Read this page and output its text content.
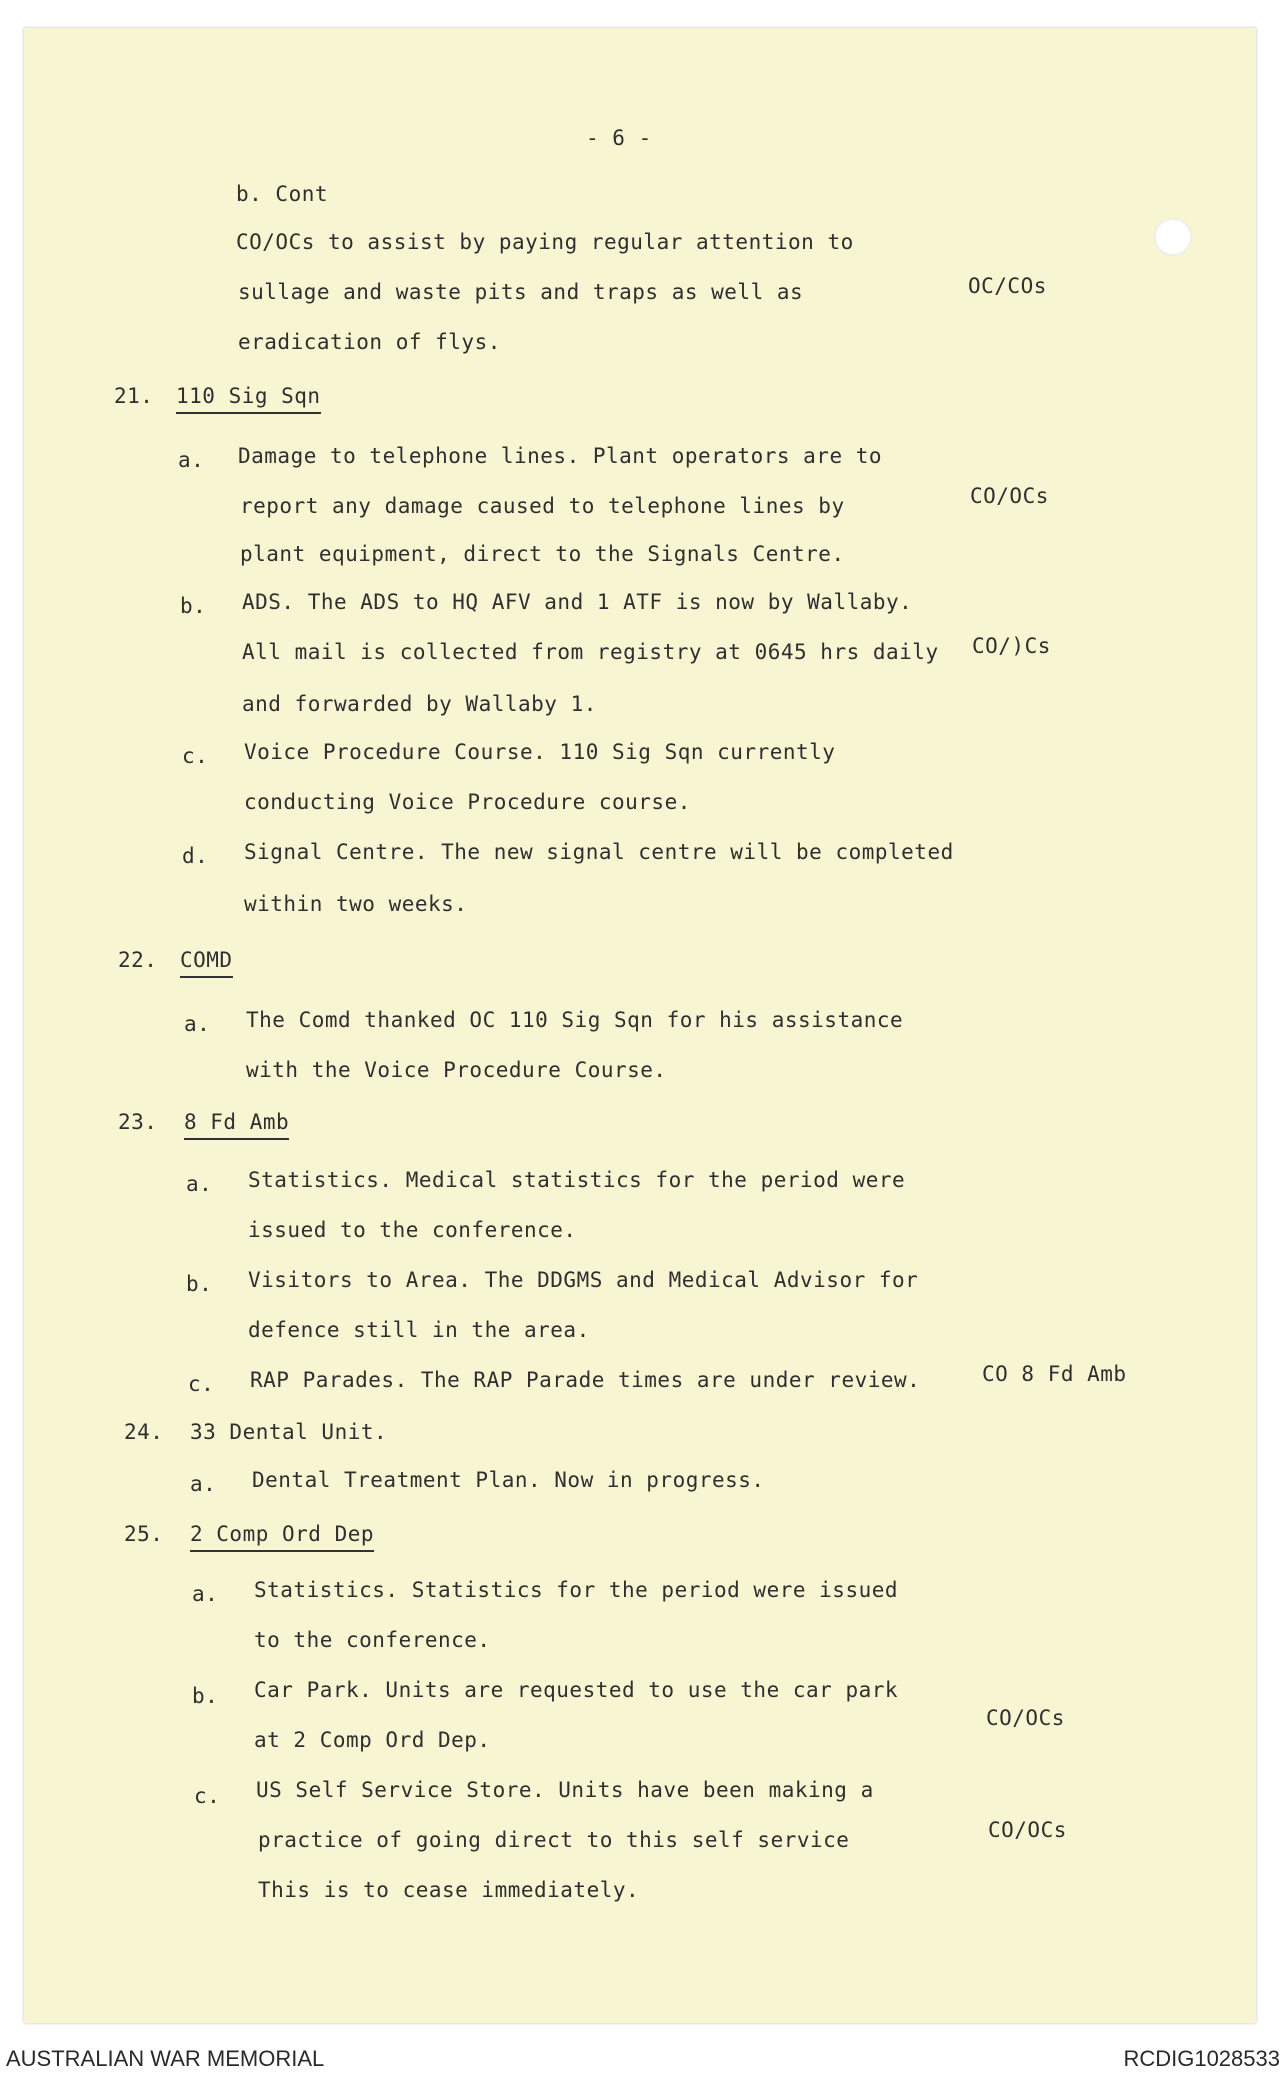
- 6 -
b. Cont
CO/OCs to assist by paying regular attention to
sullage and waste pits and traps as well as
eradication of flys.
OC/COs
21. 110 Sig Sqn
a. Damage to telephone lines. Plant operators are to
report any damage caused to telephone lines by
plant equipment, direct to the Signals Centre.
CO/OCs
b. ADS. The ADS to HQ AFV and 1 ATF is now by Wallaby.
All mail is collected from registry at 0645 hrs daily
and forwarded by Wallaby 1.
CO/)Cs
c. Voice Procedure Course. 110 Sig Sqn currently
conducting Voice Procedure course.
d. Signal Centre. The new signal centre will be completed
within two weeks.
22. COMD
a. The Comd thanked OC 110 Sig Sqn for his assistance
with the Voice Procedure Course.
23. 8 Fd Amb
a. Statistics. Medical statistics for the period were
issued to the conference.
b. Visitors to Area. The DDGMS and Medical Advisor for
defence still in the area.
c. RAP Parades. The RAP Parade times are under review.	CO 8 Fd Amb
24. 33 Dental Unit.
a. Dental Treatment Plan. Now in progress.
25. 2 Comp Ord Dep
a. Statistics. Statistics for the period were issued
to the conference.
b. Car Park. Units are requested to use the car park
at 2 Comp Ord Dep.
CO/OCs
c. US Self Service Store. Units have been making a
practice of going direct to this self service
This is to cease immediately.
CO/OCs
AUSTRALIAN WAR MEMORIAL	RCDIG1028533
